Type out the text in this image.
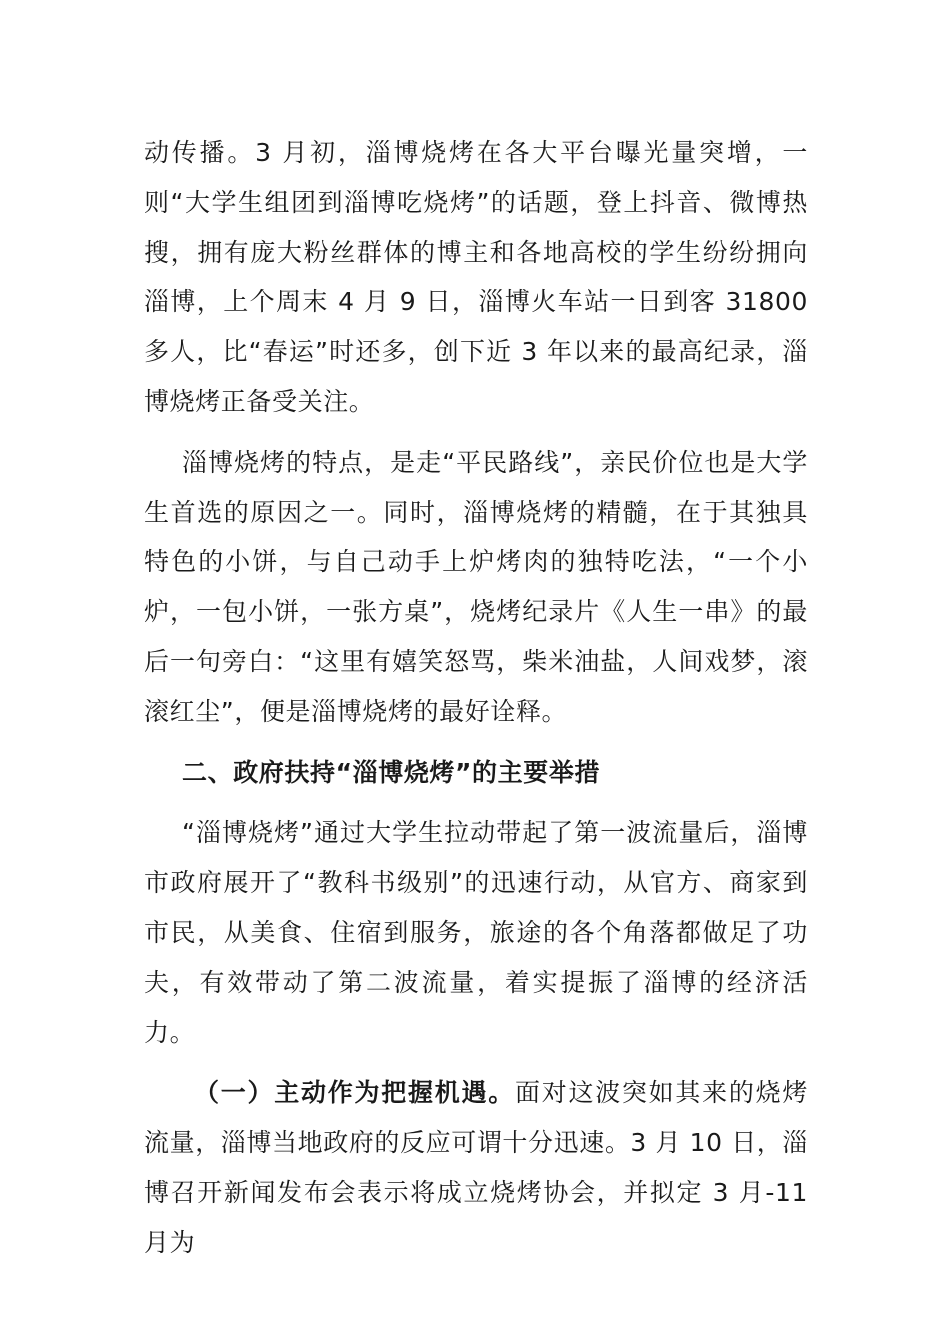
动传播。3 月初，淄博烧烤在各大平台曝光量突增，一则“大学生组团到淄博吃烧烤”的话题，登上抖音、微博热搜，拥有庞大粉丝群体的博主和各地高校的学生纷纷拥向淄博，上个周末 4 月 9 日，淄博火车站一日到客 31800 多人，比“春运”时还多，创下近 3 年以来的最高纪录，淄博烧烤正备受关注。

淄博烧烤的特点，是走“平民路线”，亲民价位也是大学生首选的原因之一。同时，淄博烧烤的精髓，在于其独具特色的小饼，与自己动手上炉烤肉的独特吃法，“一个小炉，一包小饼，一张方桌”，烧烤纪录片《人生一串》的最后一句旁白：“这里有嬉笑怒骂，柴米油盐，人间戏梦，滚滚红尘”，便是淄博烧烤的最好诠释。

二、政府扶持“淄博烧烤”的主要举措

“淄博烧烤”通过大学生拉动带起了第一波流量后，淄博市政府展开了“教科书级别”的迅速行动，从官方、商家到市民，从美食、住宿到服务，旅途的各个角落都做足了功夫，有效带动了第二波流量，着实提振了淄博的经济活力。

（一）主动作为把握机遇。面对这波突如其来的烧烤流量，淄博当地政府的反应可谓十分迅速。3 月 10 日，淄博召开新闻发布会表示将成立烧烤协会，并拟定 3 月-11 月为
